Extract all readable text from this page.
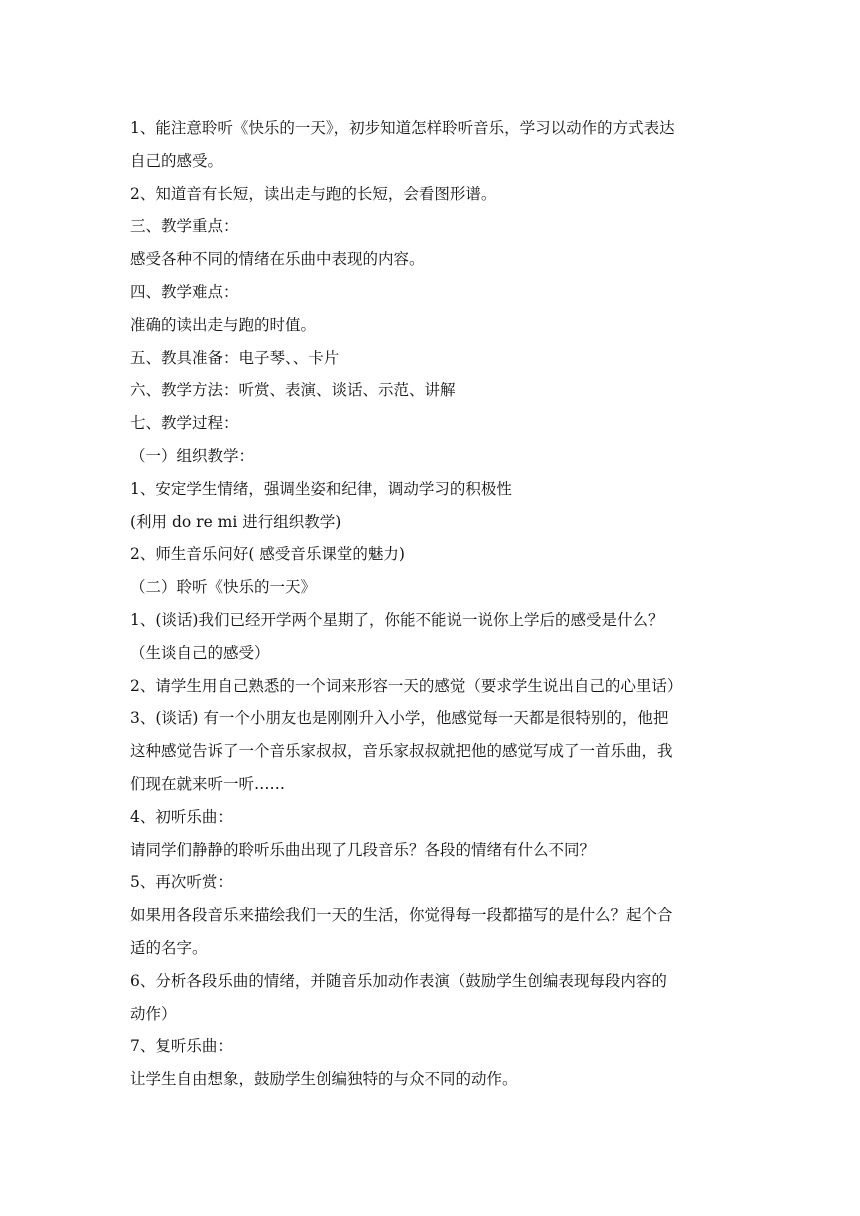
1、能注意聆听《快乐的一天》，初步知道怎样聆听音乐，学习以动作的方式表达
自己的感受。
2、知道音有长短，读出走与跑的长短，会看图形谱。
三、教学重点：
感受各种不同的情绪在乐曲中表现的内容。
四、教学难点：
准确的读出走与跑的时值。
五、教具准备：电子琴、、卡片
六、教学方法：听赏、表演、谈话、示范、讲解
七、教学过程：
（一）组织教学：
1、安定学生情绪，强调坐姿和纪律，调动学习的积极性
(利用 do re mi 进行组织教学)
2、师生音乐问好( 感受音乐课堂的魅力)
（二）聆听《快乐的一天》
1、(谈话)我们已经开学两个星期了，你能不能说一说你上学后的感受是什么？
（生谈自己的感受）
2、请学生用自己熟悉的一个词来形容一天的感觉（要求学生说出自己的心里话）
3、(谈话) 有一个小朋友也是刚刚升入小学，他感觉每一天都是很特别的，他把
这种感觉告诉了一个音乐家叔叔，音乐家叔叔就把他的感觉写成了一首乐曲，我
们现在就来听一听……
4、初听乐曲：
请同学们静静的聆听乐曲出现了几段音乐？各段的情绪有什么不同？
5、再次听赏：
如果用各段音乐来描绘我们一天的生活，你觉得每一段都描写的是什么？起个合
适的名字。
6、分析各段乐曲的情绪，并随音乐加动作表演（鼓励学生创编表现每段内容的
动作）
7、复听乐曲：
让学生自由想象，鼓励学生创编独特的与众不同的动作。
